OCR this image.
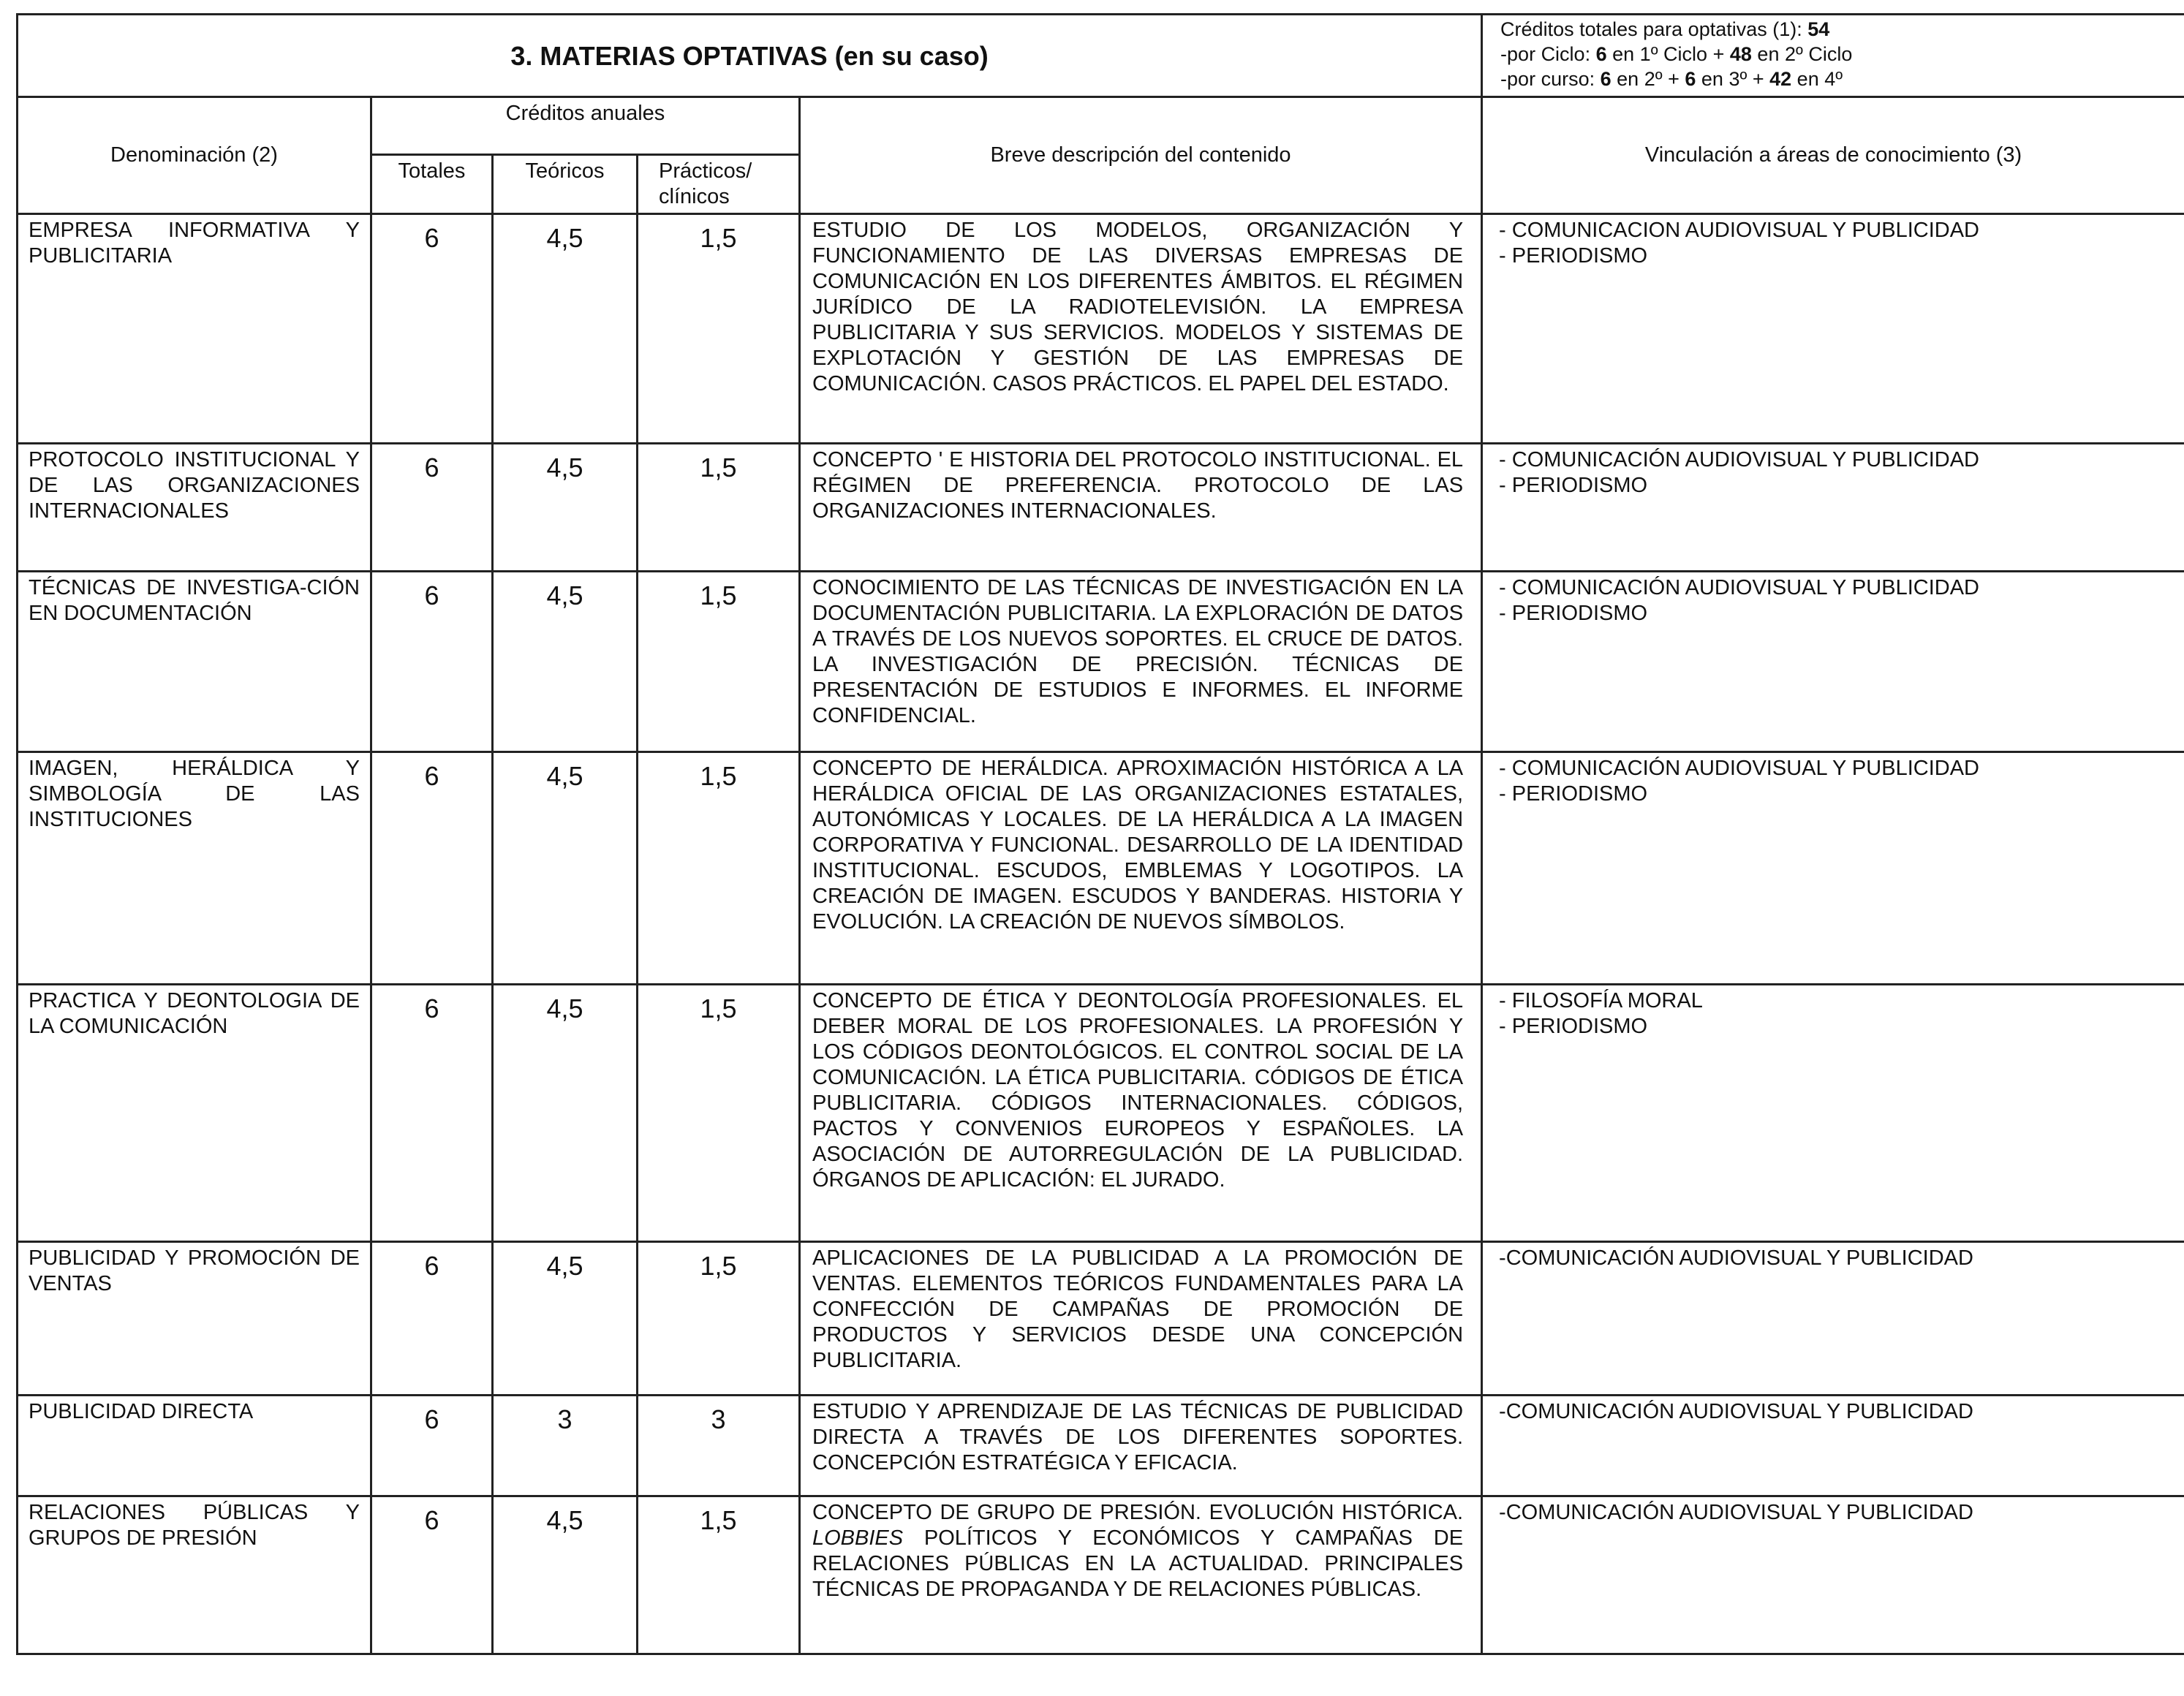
3. MATERIAS OPTATIVAS (en su caso)					Créditos totales para optativas (1): 54
-por Ciclo: 6 en 1º Ciclo + 48 en 2º Ciclo
-por curso: 6 en 2º + 6 en 3º + 42 en 4º

Denominación (2)	Créditos anuales			Breve descripción del contenido	Vinculación a áreas de conocimiento (3)
	Totales	Teóricos	Prácticos/ clínicos		
EMPRESA INFORMATIVA Y PUBLICITARIA	6	4,5	1,5	ESTUDIO DE LOS MODELOS, ORGANIZACIÓN Y FUNCIONAMIENTO DE LAS DIVERSAS EMPRESAS DE COMUNICACIÓN EN LOS DIFERENTES ÁMBITOS. EL RÉGIMEN JURÍDICO DE LA RADIOTELEVISIÓN. LA EMPRESA PUBLICITARIA Y SUS SERVICIOS. MODELOS Y SISTEMAS DE EXPLOTACIÓN Y GESTIÓN DE LAS EMPRESAS DE COMUNICACIÓN. CASOS PRÁCTICOS. EL PAPEL DEL ESTADO.	- COMUNICACION AUDIOVISUAL Y PUBLICIDAD
- PERIODISMO
PROTOCOLO INSTITUCIONAL Y DE LAS ORGANIZACIONES INTERNACIONALES	6	4,5	1,5	CONCEPTO ' E HISTORIA DEL PROTOCOLO INSTITUCIONAL. EL RÉGIMEN DE PREFERENCIA. PROTOCOLO DE LAS ORGANIZACIONES INTERNACIONALES.	- COMUNICACIÓN AUDIOVISUAL Y PUBLICIDAD
- PERIODISMO
TÉCNICAS DE INVESTIGA-CIÓN EN DOCUMENTACIÓN	6	4,5	1,5	CONOCIMIENTO DE LAS TÉCNICAS DE INVESTIGACIÓN EN LA DOCUMENTACIÓN PUBLICITARIA. LA EXPLORACIÓN DE DATOS A TRAVÉS DE LOS NUEVOS SOPORTES. EL CRUCE DE DATOS. LA INVESTIGACIÓN DE PRECISIÓN. TÉCNICAS DE PRESENTACIÓN DE ESTUDIOS E INFORMES. EL INFORME CONFIDENCIAL.	- COMUNICACIÓN AUDIOVISUAL Y PUBLICIDAD
- PERIODISMO
IMAGEN, HERÁLDICA Y SIMBOLOGÍA DE LAS INSTITUCIONES	6	4,5	1,5	CONCEPTO DE HERÁLDICA. APROXIMACIÓN HISTÓRICA A LA HERÁLDICA OFICIAL DE LAS ORGANIZACIONES ESTATALES, AUTONÓMICAS Y LOCALES. DE LA HERÁLDICA A LA IMAGEN CORPORATIVA Y FUNCIONAL. DESARROLLO DE LA IDENTIDAD INSTITUCIONAL. ESCUDOS, EMBLEMAS Y LOGOTIPOS. LA CREACIÓN DE IMAGEN. ESCUDOS Y BANDERAS. HISTORIA Y EVOLUCIÓN. LA CREACIÓN DE NUEVOS SÍMBOLOS.	- COMUNICACIÓN AUDIOVISUAL Y PUBLICIDAD
- PERIODISMO
PRACTICA Y DEONTOLOGIA DE LA COMUNICACIÓN	6	4,5	1,5	CONCEPTO DE ÉTICA Y DEONTOLOGÍA PROFESIONALES. EL DEBER MORAL DE LOS PROFESIONALES. LA PROFESIÓN Y LOS CÓDIGOS DEONTOLÓGICOS. EL CONTROL SOCIAL DE LA COMUNICACIÓN. LA ÉTICA PUBLICITARIA. CÓDIGOS DE ÉTICA PUBLICITARIA. CÓDIGOS INTERNACIONALES. CÓDIGOS, PACTOS Y CONVENIOS EUROPEOS Y ESPAÑOLES. LA ASOCIACIÓN DE AUTORREGULACIÓN DE LA PUBLICIDAD. ÓRGANOS DE APLICACIÓN: EL JURADO.	- FILOSOFÍA MORAL
- PERIODISMO
PUBLICIDAD Y PROMOCIÓN DE VENTAS	6	4,5	1,5	APLICACIONES DE LA PUBLICIDAD A LA PROMOCIÓN DE VENTAS. ELEMENTOS TEÓRICOS FUNDAMENTALES PARA LA CONFECCIÓN DE CAMPAÑAS DE PROMOCIÓN DE PRODUCTOS Y SERVICIOS DESDE UNA CONCEPCIÓN PUBLICITARIA.	-COMUNICACIÓN AUDIOVISUAL Y PUBLICIDAD
PUBLICIDAD DIRECTA	6	3	3	ESTUDIO Y APRENDIZAJE DE LAS TÉCNICAS DE PUBLICIDAD DIRECTA A TRAVÉS DE LOS DIFERENTES SOPORTES. CONCEPCIÓN ESTRATÉGICA Y EFICACIA.	-COMUNICACIÓN AUDIOVISUAL Y PUBLICIDAD
RELACIONES PÚBLICAS Y GRUPOS DE PRESIÓN	6	4,5	1,5	CONCEPTO DE GRUPO DE PRESIÓN. EVOLUCIÓN HISTÓRICA. LOBBIES POLÍTICOS Y ECONÓMICOS Y CAMPAÑAS DE RELACIONES PÚBLICAS EN LA ACTUALIDAD. PRINCIPALES TÉCNICAS DE PROPAGANDA Y DE RELACIONES PÚBLICAS.	-COMUNICACIÓN AUDIOVISUAL Y PUBLICIDAD
